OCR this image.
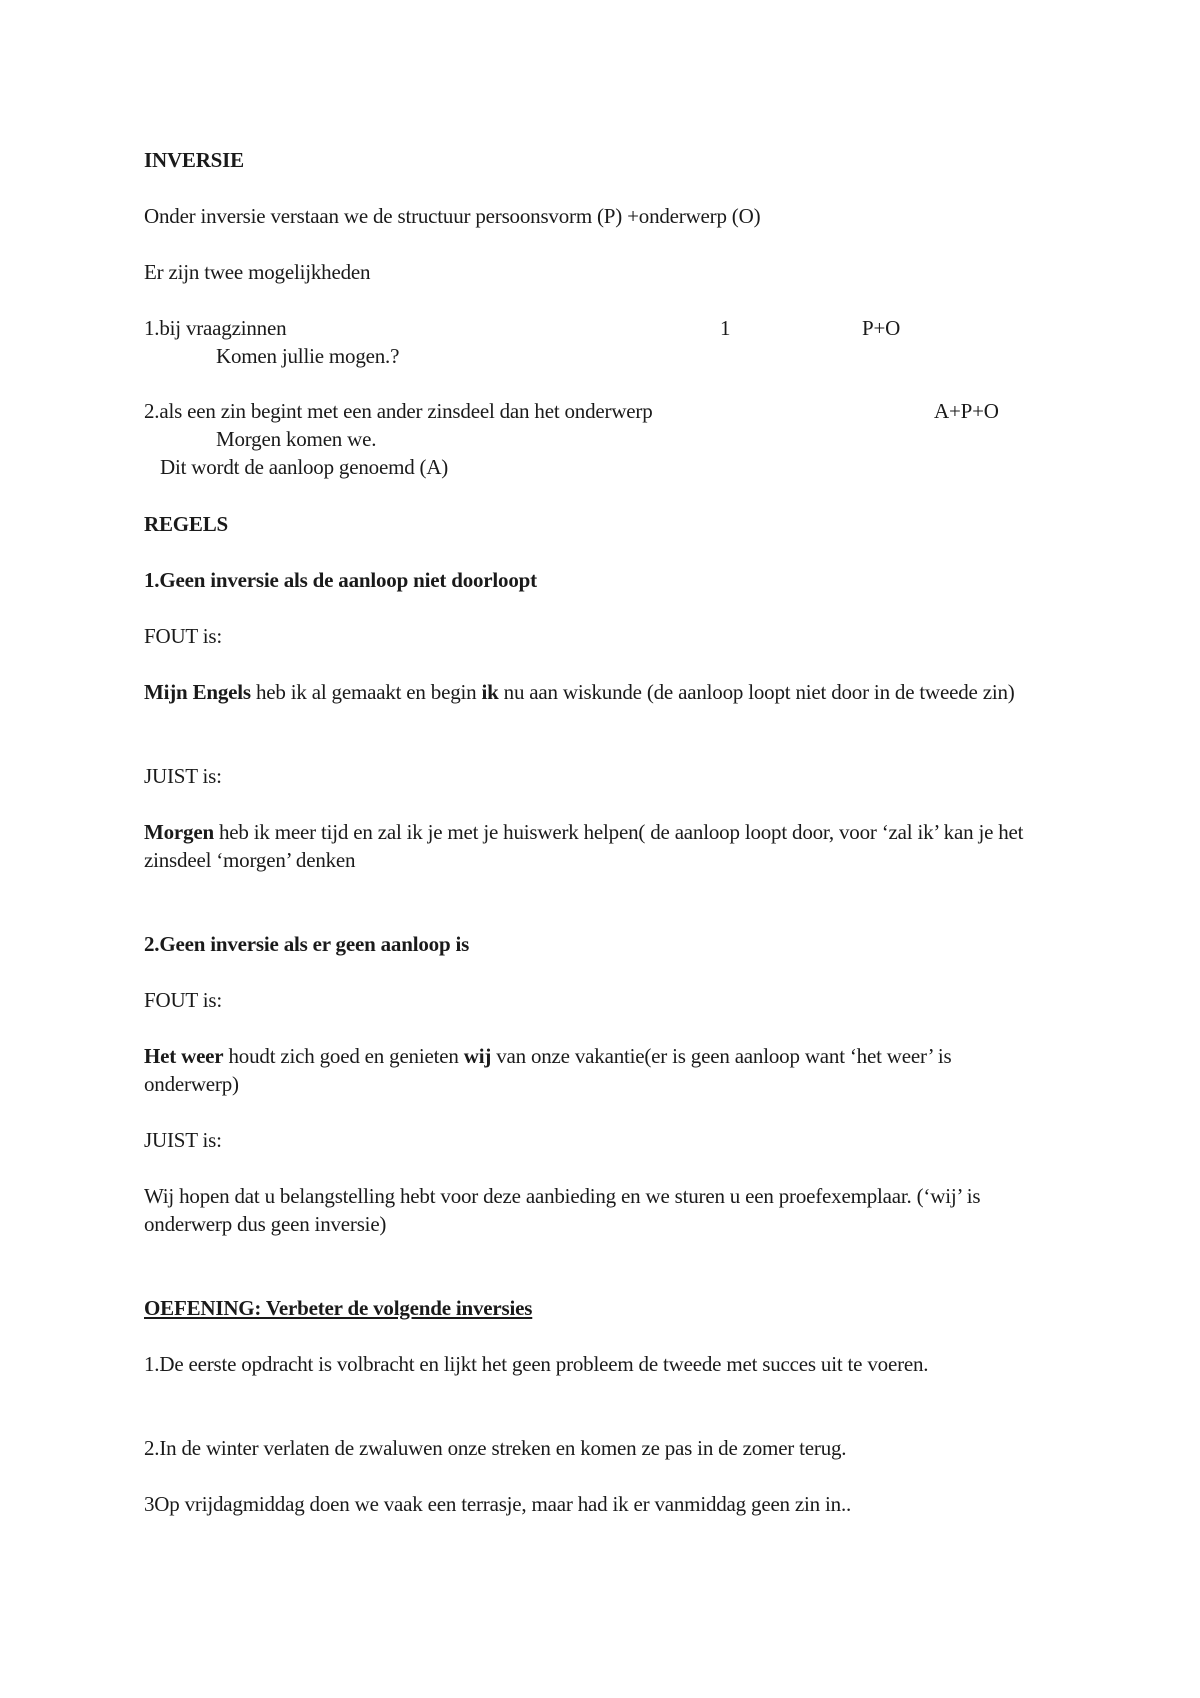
INVERSIE
Onder inversie verstaan we de structuur persoonsvorm (P) +onderwerp (O)
Er zijn twee mogelijkheden
1.bij vraagzinnen	1	P+O
Komen jullie mogen.?
2.als een zin begint met een ander zinsdeel dan het onderwerp	A+P+O
Morgen komen we.
Dit wordt de aanloop genoemd (A)
REGELS
1.Geen inversie als de aanloop niet doorloopt
FOUT is:
Mijn Engels heb ik al gemaakt en begin ik nu aan wiskunde (de aanloop loopt niet door in de tweede zin)
JUIST is:
Morgen heb ik meer tijd en zal ik je met je huiswerk helpen( de aanloop loopt door, voor ‘zal ik’ kan je het zinsdeel ‘morgen’ denken
2.Geen inversie als er geen aanloop is
FOUT is:
Het weer houdt zich goed en genieten wij van onze vakantie(er is geen aanloop want ‘het weer’ is onderwerp)
JUIST is:
Wij hopen dat u belangstelling hebt voor deze aanbieding en we sturen u een proefexemplaar. (‘wij’ is onderwerp dus geen inversie)
OEFENING: Verbeter de volgende inversies
1.De eerste opdracht is volbracht en lijkt het geen probleem de tweede met succes uit te voeren.
2.In de winter verlaten de zwaluwen onze streken en komen ze pas in de zomer terug.
3Op vrijdagmiddag doen we vaak een terrasje, maar had ik er vanmiddag geen zin in..
